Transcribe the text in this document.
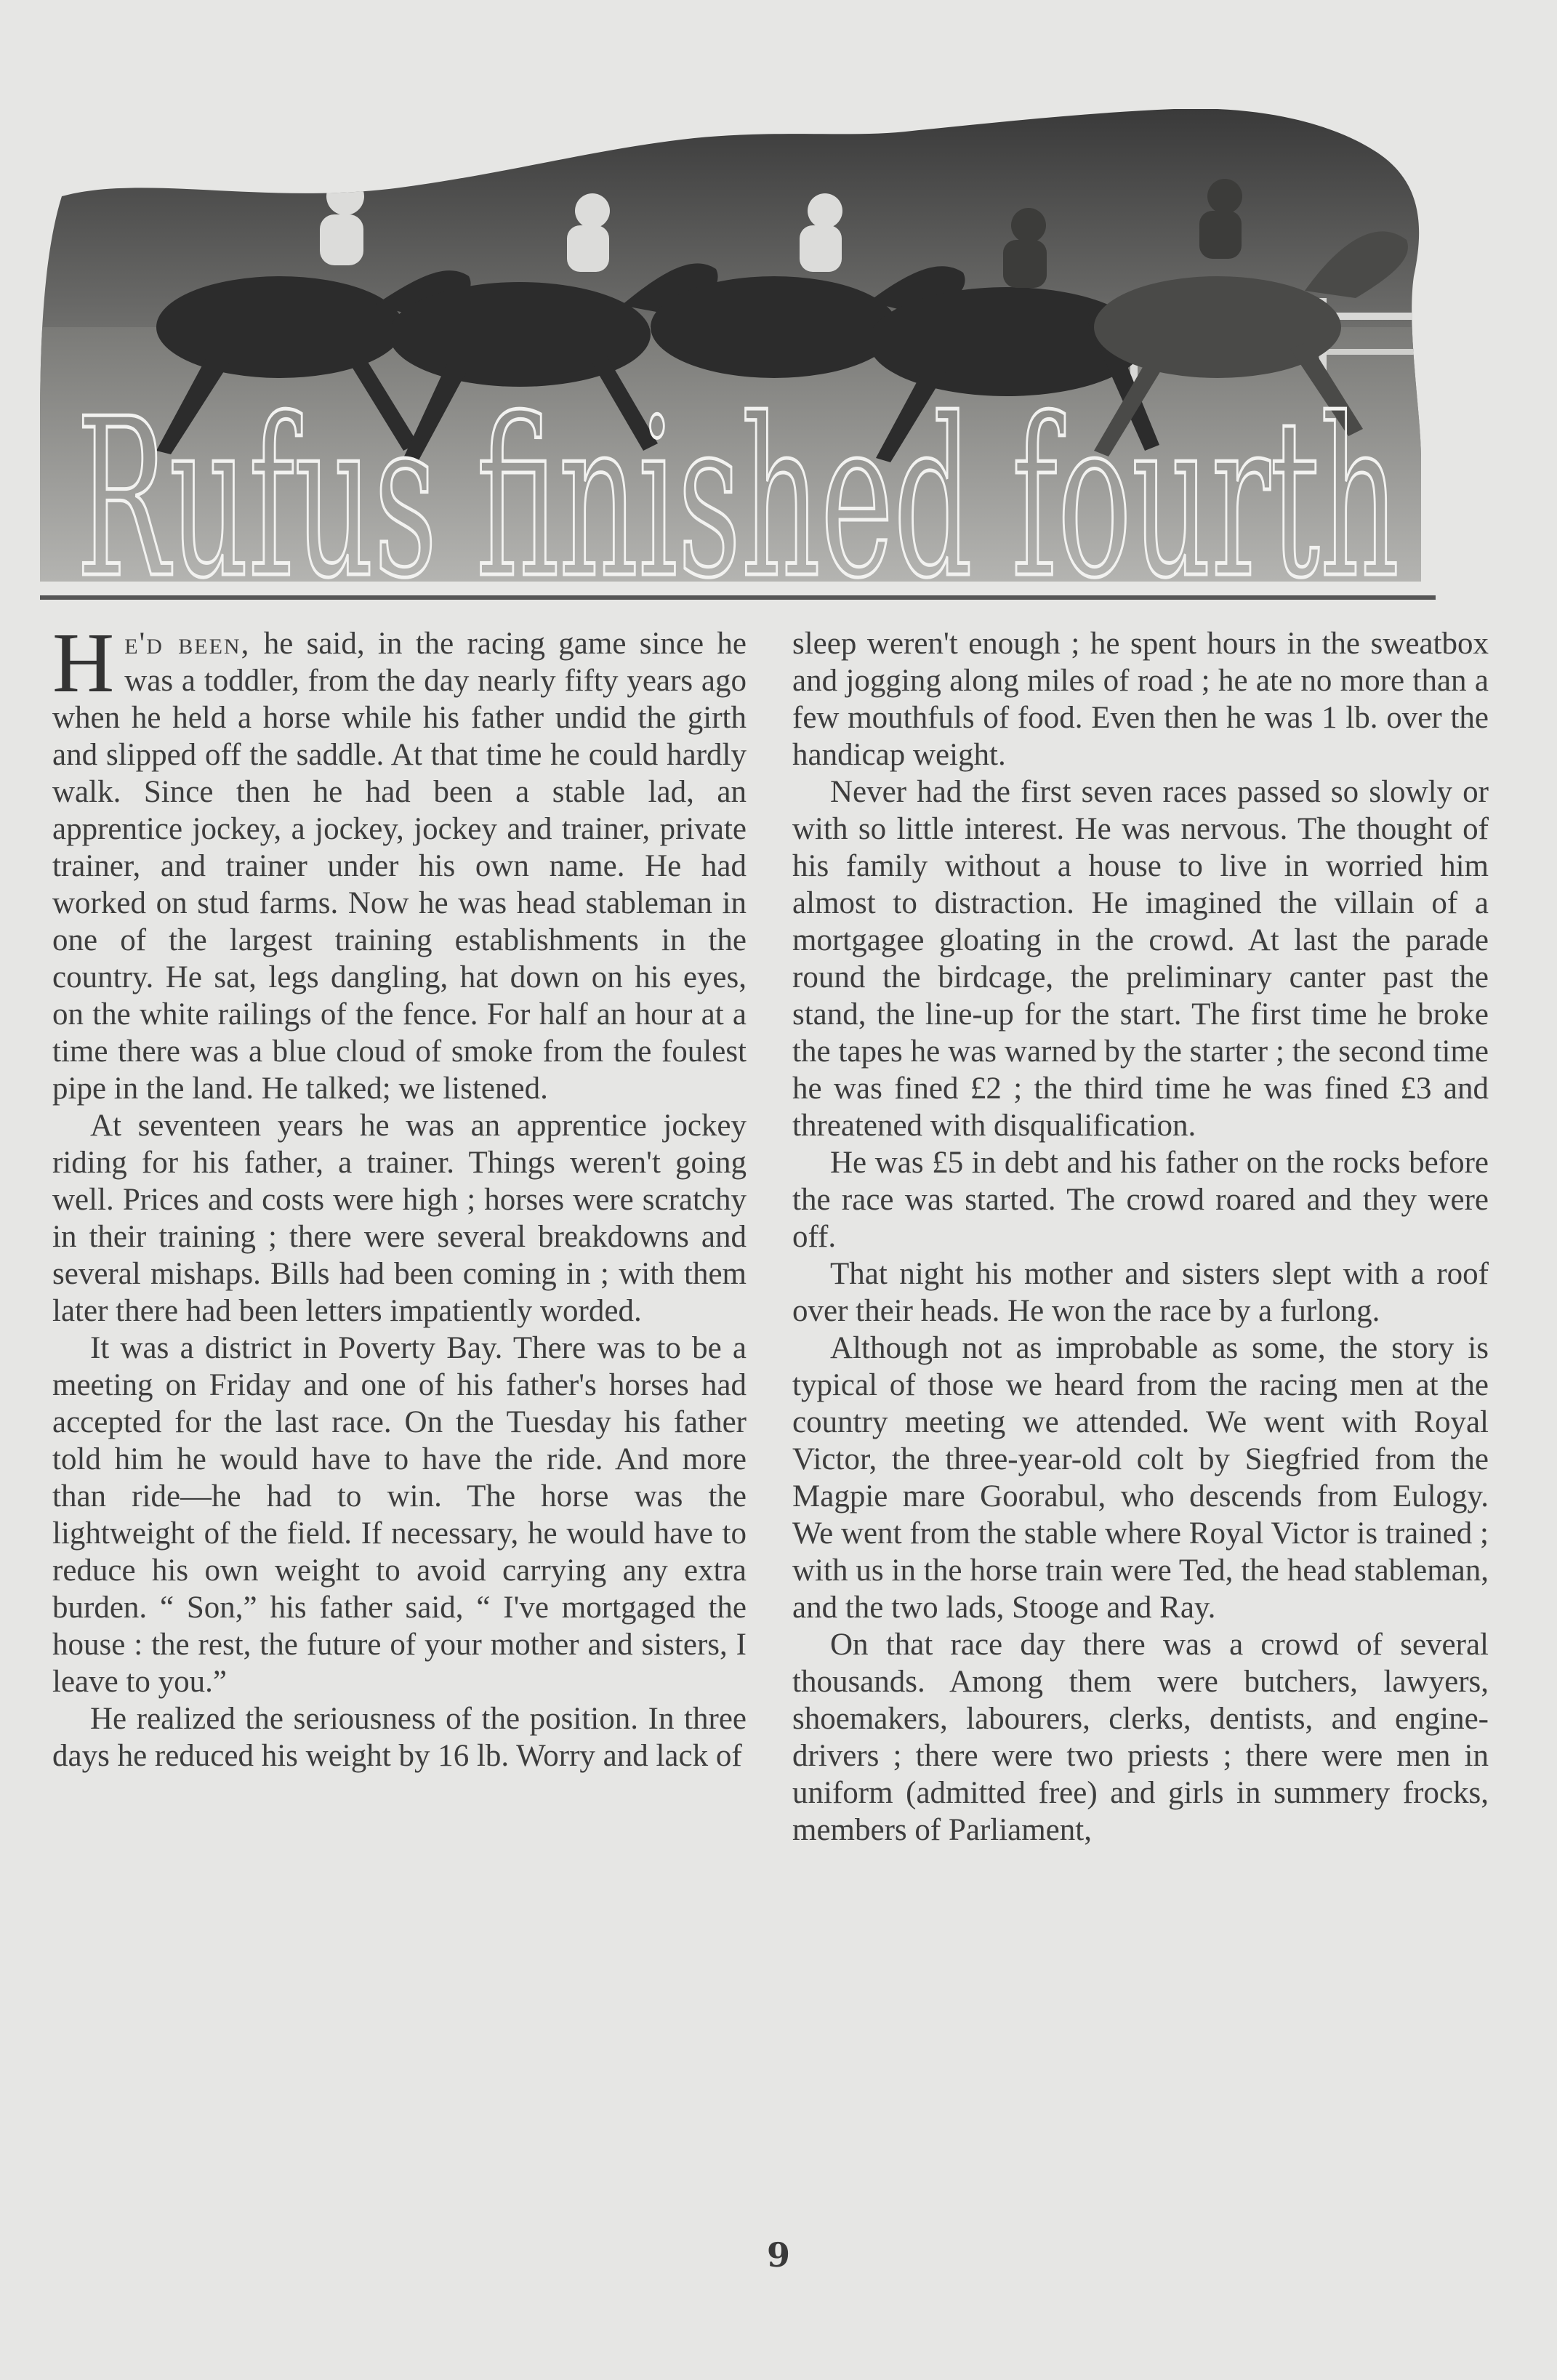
Rufus finished fourth

He'd been, he said, in the racing game since he was a toddler, from the day nearly fifty years ago when he held a horse while his father undid the girth and slipped off the saddle. At that time he could hardly walk. Since then he had been a stable lad, an apprentice jockey, a jockey, jockey and trainer, private trainer, and trainer under his own name. He had worked on stud farms. Now he was head stableman in one of the largest training establishments in the country. He sat, legs dangling, hat down on his eyes, on the white railings of the fence. For half an hour at a time there was a blue cloud of smoke from the foulest pipe in the land. He talked; we listened.

At seventeen years he was an apprentice jockey riding for his father, a trainer. Things weren't going well. Prices and costs were high ; horses were scratchy in their training ; there were several breakdowns and several mishaps. Bills had been coming in ; with them later there had been letters impatiently worded.

It was a district in Poverty Bay. There was to be a meeting on Friday and one of his father's horses had accepted for the last race. On the Tuesday his father told him he would have to have the ride. And more than ride—he had to win. The horse was the lightweight of the field. If necessary, he would have to reduce his own weight to avoid carrying any extra burden. “ Son,” his father said, “ I've mortgaged the house : the rest, the future of your mother and sisters, I leave to you.”

He realized the seriousness of the position. In three days he reduced his weight by 16 lb. Worry and lack of

sleep weren't enough ; he spent hours in the sweatbox and jogging along miles of road ; he ate no more than a few mouthfuls of food. Even then he was 1 lb. over the handicap weight.

Never had the first seven races passed so slowly or with so little interest. He was nervous. The thought of his family without a house to live in worried him almost to distraction. He imagined the villain of a mortgagee gloating in the crowd. At last the parade round the birdcage, the preliminary canter past the stand, the line-up for the start. The first time he broke the tapes he was warned by the starter ; the second time he was fined £2 ; the third time he was fined £3 and threatened with disqualification.

He was £5 in debt and his father on the rocks before the race was started. The crowd roared and they were off.

That night his mother and sisters slept with a roof over their heads. He won the race by a furlong.

Although not as improbable as some, the story is typical of those we heard from the racing men at the country meeting we attended. We went with Royal Victor, the three-year-old colt by Siegfried from the Magpie mare Goorabul, who descends from Eulogy. We went from the stable where Royal Victor is trained ; with us in the horse train were Ted, the head stableman, and the two lads, Stooge and Ray.

On that race day there was a crowd of several thousands. Among them were butchers, lawyers, shoemakers, labourers, clerks, dentists, and engine-drivers ; there were two priests ; there were men in uniform (admitted free) and girls in summery frocks, members of Parliament,

9
